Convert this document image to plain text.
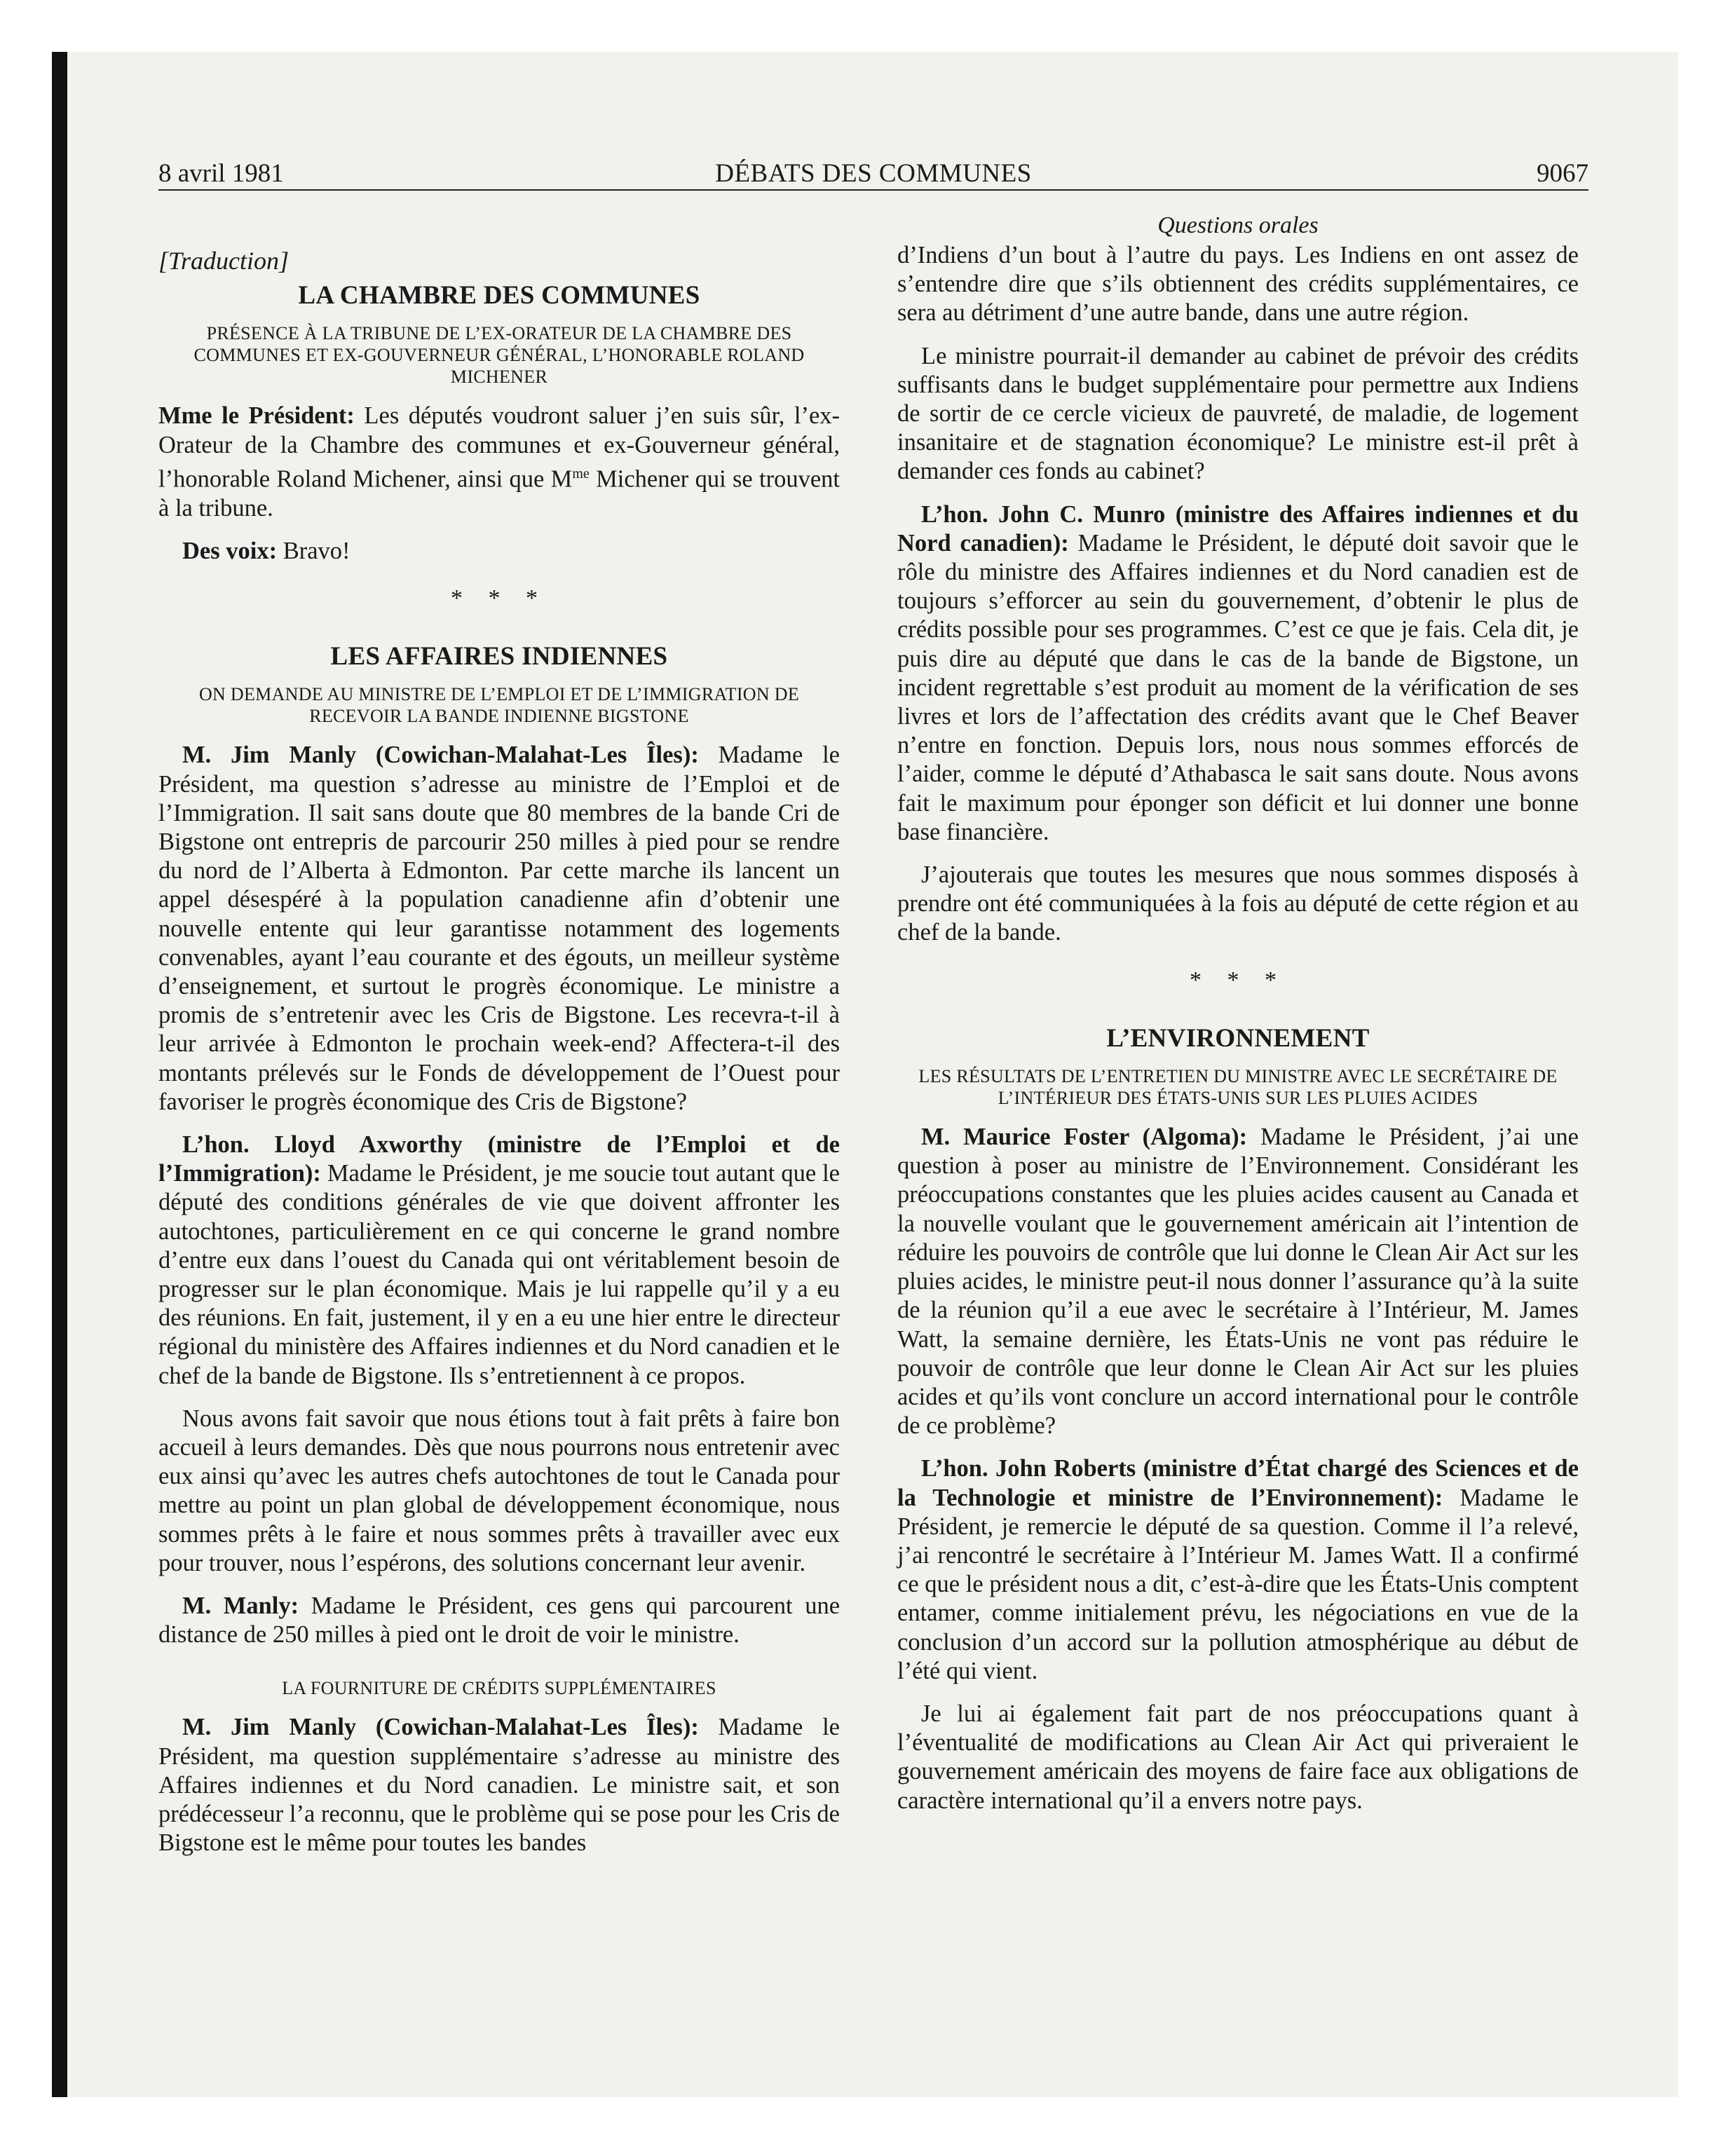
8 avril 1981	DÉBATS DES COMMUNES	9067
[Traduction]
LA CHAMBRE DES COMMUNES
PRÉSENCE À LA TRIBUNE DE L’EX-ORATEUR DE LA CHAMBRE DES COMMUNES ET EX-GOUVERNEUR GÉNÉRAL, L’HONORABLE ROLAND MICHENER

Mme le Président: Les députés voudront saluer j’en suis sûr, l’ex-Orateur de la Chambre des communes et ex-Gouverneur général, l’honorable Roland Michener, ainsi que $M^{me}$ Michener qui se trouvent à la tribune.

Des voix: Bravo!

* * *
LES AFFAIRES INDIENNES
ON DEMANDE AU MINISTRE DE L’EMPLOI ET DE L’IMMIGRATION DE RECEVOIR LA BANDE INDIENNE BIGSTONE

M. Jim Manly (Cowichan-Malahat-Les Îles): Madame le Président, ma question s’adresse au ministre de l’Emploi et de l’Immigration. Il sait sans doute que 80 membres de la bande Cri de Bigstone ont entrepris de parcourir 250 milles à pied pour se rendre du nord de l’Alberta à Edmonton. Par cette marche ils lancent un appel désespéré à la population canadienne afin d’obtenir une nouvelle entente qui leur garantisse notamment des logements convenables, ayant l’eau courante et des égouts, un meilleur système d’enseignement, et surtout le progrès économique. Le ministre a promis de s’entretenir avec les Cris de Bigstone. Les recevra-t-il à leur arrivée à Edmonton le prochain week-end? Affectera-t-il des montants prélevés sur le Fonds de développement de l’Ouest pour favoriser le progrès économique des Cris de Bigstone?

L’hon. Lloyd Axworthy (ministre de l’Emploi et de l’Immigration): Madame le Président, je me soucie tout autant que le député des conditions générales de vie que doivent affronter les autochtones, particulièrement en ce qui concerne le grand nombre d’entre eux dans l’ouest du Canada qui ont véritablement besoin de progresser sur le plan économique. Mais je lui rappelle qu’il y a eu des réunions. En fait, justement, il y en a eu une hier entre le directeur régional du ministère des Affaires indiennes et du Nord canadien et le chef de la bande de Bigstone. Ils s’entretiennent à ce propos.

Nous avons fait savoir que nous étions tout à fait prêts à faire bon accueil à leurs demandes. Dès que nous pourrons nous entretenir avec eux ainsi qu’avec les autres chefs autochtones de tout le Canada pour mettre au point un plan global de développement économique, nous sommes prêts à le faire et nous sommes prêts à travailler avec eux pour trouver, nous l’espérons, des solutions concernant leur avenir.

M. Manly: Madame le Président, ces gens qui parcourent une distance de 250 milles à pied ont le droit de voir le ministre.

LA FOURNITURE DE CRÉDITS SUPPLÉMENTAIRES

M. Jim Manly (Cowichan-Malahat-Les Îles): Madame le Président, ma question supplémentaire s’adresse au ministre des Affaires indiennes et du Nord canadien. Le ministre sait, et son prédécesseur l’a reconnu, que le problème qui se pose pour les Cris de Bigstone est le même pour toutes les bandes

Questions orales

d’Indiens d’un bout à l’autre du pays. Les Indiens en ont assez de s’entendre dire que s’ils obtiennent des crédits supplémentaires, ce sera au détriment d’une autre bande, dans une autre région.

Le ministre pourrait-il demander au cabinet de prévoir des crédits suffisants dans le budget supplémentaire pour permettre aux Indiens de sortir de ce cercle vicieux de pauvreté, de maladie, de logement insanitaire et de stagnation économique? Le ministre est-il prêt à demander ces fonds au cabinet?

L’hon. John C. Munro (ministre des Affaires indiennes et du Nord canadien): Madame le Président, le député doit savoir que le rôle du ministre des Affaires indiennes et du Nord canadien est de toujours s’efforcer au sein du gouvernement, d’obtenir le plus de crédits possible pour ses programmes. C’est ce que je fais. Cela dit, je puis dire au député que dans le cas de la bande de Bigstone, un incident regrettable s’est produit au moment de la vérification de ses livres et lors de l’affectation des crédits avant que le Chef Beaver n’entre en fonction. Depuis lors, nous nous sommes efforcés de l’aider, comme le député d’Athabasca le sait sans doute. Nous avons fait le maximum pour éponger son déficit et lui donner une bonne base financière.

J’ajouterais que toutes les mesures que nous sommes disposés à prendre ont été communiquées à la fois au député de cette région et au chef de la bande.

* * *
L’ENVIRONNEMENT
LES RÉSULTATS DE L’ENTRETIEN DU MINISTRE AVEC LE SECRÉTAIRE DE L’INTÉRIEUR DES ÉTATS-UNIS SUR LES PLUIES ACIDES

M. Maurice Foster (Algoma): Madame le Président, j’ai une question à poser au ministre de l’Environnement. Considérant les préoccupations constantes que les pluies acides causent au Canada et la nouvelle voulant que le gouvernement américain ait l’intention de réduire les pouvoirs de contrôle que lui donne le Clean Air Act sur les pluies acides, le ministre peut-il nous donner l’assurance qu’à la suite de la réunion qu’il a eue avec le secrétaire à l’Intérieur, M. James Watt, la semaine dernière, les États-Unis ne vont pas réduire le pouvoir de contrôle que leur donne le Clean Air Act sur les pluies acides et qu’ils vont conclure un accord international pour le contrôle de ce problème?

L’hon. John Roberts (ministre d’État chargé des Sciences et de la Technologie et ministre de l’Environnement): Madame le Président, je remercie le député de sa question. Comme il l’a relevé, j’ai rencontré le secrétaire à l’Intérieur M. James Watt. Il a confirmé ce que le président nous a dit, c’est-à-dire que les États-Unis comptent entamer, comme initialement prévu, les négociations en vue de la conclusion d’un accord sur la pollution atmosphérique au début de l’été qui vient.

Je lui ai également fait part de nos préoccupations quant à l’éventualité de modifications au Clean Air Act qui priveraient le gouvernement américain des moyens de faire face aux obligations de caractère international qu’il a envers notre pays.
